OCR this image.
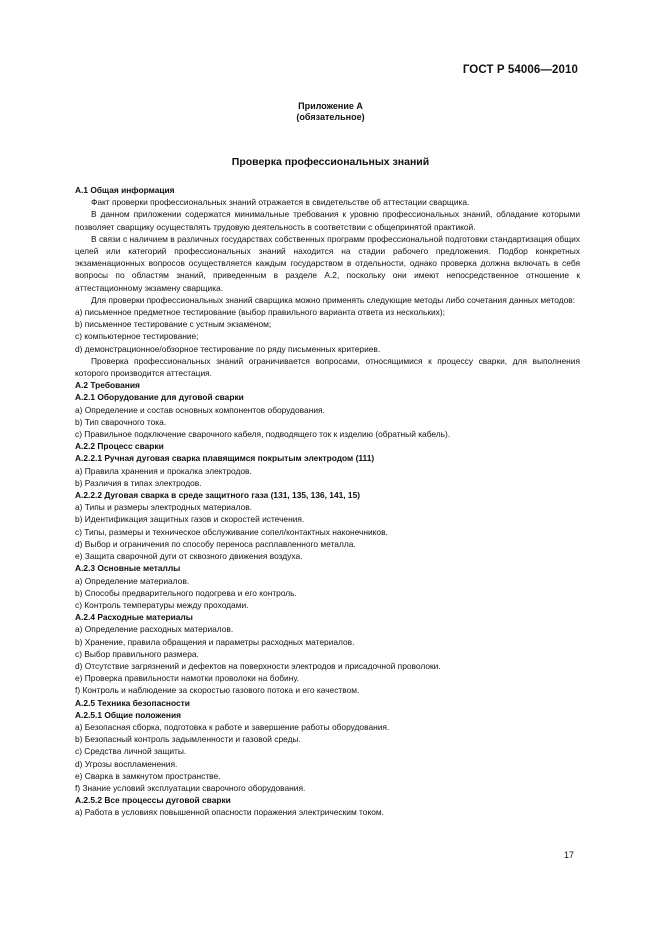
ГОСТ Р 54006—2010
Приложение А
(обязательное)
Проверка профессиональных знаний

А.1 Общая информация

Факт проверки профессиональных знаний отражается в свидетельстве об аттестации сварщика.

В данном приложении содержатся минимальные требования к уровню профессиональных знаний, обладание которыми позволяет сварщику осуществлять трудовую деятельность в соответствии с общепринятой практикой.

В связи с наличием в различных государствах собственных программ профессиональной подготовки стандартизация общих целей или категорий профессиональных знаний находится на стадии рабочего предложения. Подбор конкретных экзаменационных вопросов осуществляется каждым государством в отдельности, однако проверка должна включать в себя вопросы по областям знаний, приведенным в разделе А.2, поскольку они имеют непосредственное отношение к аттестационному экзамену сварщика.

Для проверки профессиональных знаний сварщика можно применять следующие методы либо сочетания данных методов:

a) письменное предметное тестирование (выбор правильного варианта ответа из нескольких);

b) письменное тестирование с устным экзаменом;

c) компьютерное тестирование;

d) демонстрационное/обзорное тестирование по ряду письменных критериев.

Проверка профессиональных знаний ограничивается вопросами, относящимися к процессу сварки, для выполнения которого производится аттестация.

А.2 Требования

А.2.1 Оборудование для дуговой сварки

a) Определение и состав основных компонентов оборудования.

b) Тип сварочного тока.

c) Правильное подключение сварочного кабеля, подводящего ток к изделию (обратный кабель).

А.2.2 Процесс сварки

А.2.2.1 Ручная дуговая сварка плавящимся покрытым электродом (111)

a) Правила хранения и прокалка электродов.

b) Различия в типах электродов.

А.2.2.2 Дуговая сварка в среде защитного газа (131, 135, 136, 141, 15)

a) Типы и размеры электродных материалов.

b) Идентификация защитных газов и скоростей истечения.

c) Типы, размеры и техническое обслуживание сопел/контактных наконечников.

d) Выбор и ограничения по способу переноса расплавленного металла.

e) Защита сварочной дуги от сквозного движения воздуха.

А.2.3 Основные металлы

a) Определение материалов.

b) Способы предварительного подогрева и его контроль.

c) Контроль температуры между проходами.

А.2.4 Расходные материалы

a) Определение расходных материалов.

b) Хранение, правила обращения и параметры расходных материалов.

c) Выбор правильного размера.

d) Отсутствие загрязнений и дефектов на поверхности электродов и присадочной проволоки.

e) Проверка правильности намотки проволоки на бобину.

f) Контроль и наблюдение за скоростью газового потока и его качеством.

А.2.5 Техника безопасности

А.2.5.1 Общие положения

a) Безопасная сборка, подготовка к работе и завершение работы оборудования.

b) Безопасный контроль задымленности и газовой среды.

c) Средства личной защиты.

d) Угрозы воспламенения.

e) Сварка в замкнутом пространстве.

f) Знание условий эксплуатации сварочного оборудования.

А.2.5.2 Все процессы дуговой сварки

a) Работа в условиях повышенной опасности поражения электрическим током.

17
